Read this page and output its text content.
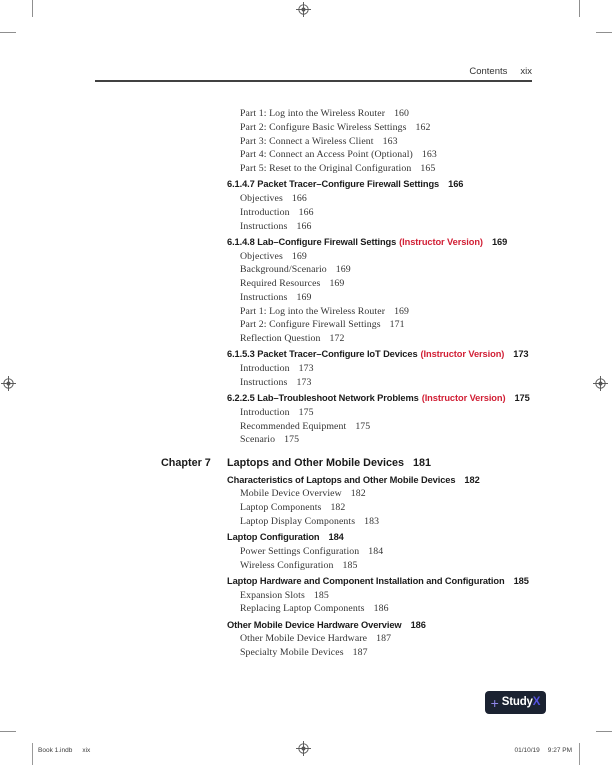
Contents xix
Part 1: Log into the Wireless Router 160
Part 2: Configure Basic Wireless Settings 162
Part 3: Connect a Wireless Client 163
Part 4: Connect an Access Point (Optional) 163
Part 5: Reset to the Original Configuration 165
6.1.4.7 Packet Tracer–Configure Firewall Settings 166
Objectives 166
Introduction 166
Instructions 166
6.1.4.8 Lab–Configure Firewall Settings (Instructor Version) 169
Objectives 169
Background/Scenario 169
Required Resources 169
Instructions 169
Part 1: Log into the Wireless Router 169
Part 2: Configure Firewall Settings 171
Reflection Question 172
6.1.5.3 Packet Tracer–Configure IoT Devices (Instructor Version) 173
Introduction 173
Instructions 173
6.2.2.5 Lab–Troubleshoot Network Problems (Instructor Version) 175
Introduction 175
Recommended Equipment 175
Scenario 175
Chapter 7 Laptops and Other Mobile Devices 181
Characteristics of Laptops and Other Mobile Devices 182
Mobile Device Overview 182
Laptop Components 182
Laptop Display Components 183
Laptop Configuration 184
Power Settings Configuration 184
Wireless Configuration 185
Laptop Hardware and Component Installation and Configuration 185
Expansion Slots 185
Replacing Laptop Components 186
Other Mobile Device Hardware Overview 186
Other Mobile Device Hardware 187
Specialty Mobile Devices 187
Book 1.indb xix	01/10/19 9:27 PM
+ Study X
